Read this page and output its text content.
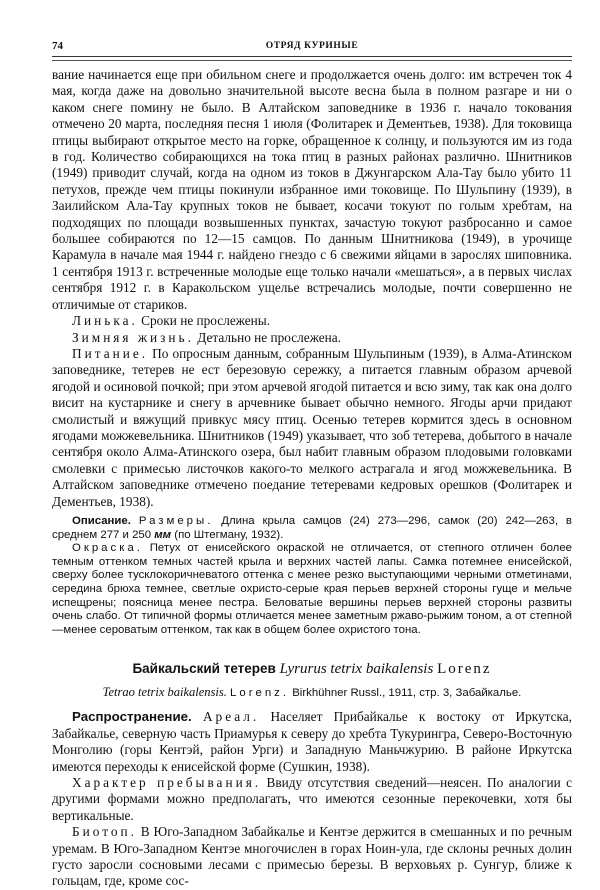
74	ОТРЯД КУРИНЫЕ

вание начинается еще при обильном снеге и продолжается очень долго: им встречен ток 4 мая, когда даже на довольно значительной высоте весна была в полном разгаре и ни о каком снеге помину не было. В Алтайском заповеднике в 1936 г. начало токования отмечено 20 марта, последняя песня 1 июля (Фолитарек и Дементьев, 1938). Для токовища птицы выбирают открытое место на горке, обращенное к солнцу, и пользуются им из года в год. Количество собирающихся на тока птиц в разных районах различно. Шнитников (1949) приводит случай, когда на одном из токов в Джунгарском Ала-Тау было убито 11 петухов, прежде чем птицы покинули избранное ими токовище. По Шульпину (1939), в Заилийском Ала-Тау крупных токов не бывает, косачи токуют по голым хребтам, на подходящих по площади возвышенных пунктах, зачастую токуют разбросанно и самое большее собираются по 12—15 самцов. По данным Шнитникова (1949), в урочище Карамула в начале мая 1944 г. найдено гнездо с 6 свежими яйцами в зарослях шиповника. 1 сентября 1913 г. встреченные молодые еще только начали «мешаться», а в первых числах сентября 1912 г. в Каракольском ущелье встречались молодые, почти совершенно не отличимые от стариков.

Линька. Сроки не прослежены.

Зимняя жизнь. Детально не прослежена.

Питание. По опросным данным, собранным Шульпиным (1939), в Алма-Атинском заповеднике, тетерев не ест березовую сережку, а питается главным образом арчевой ягодой и осиновой почкой; при этом арчевой ягодой питается и всю зиму, так как она долго висит на кустарнике и снегу в арчевнике бывает обычно немного. Ягоды арчи придают смолистый и вяжущий привкус мясу птиц. Осенью тетерев кормится здесь в основном ягодами можжевельника. Шнитников (1949) указывает, что зоб тетерева, добытого в начале сентября около Алма-Атинского озера, был набит главным образом плодовыми головками смолевки с примесью листочков какого-то мелкого астрагала и ягод можжевельника. В Алтайском заповеднике отмечено поедание тетеревами кедровых орешков (Фолитарек и Дементьев, 1938).

Описание. Размеры. Длина крыла самцов (24) 273—296, самок (20) 242—263, в среднем 277 и 250 мм (по Штегману, 1932).

Окраска. Петух от енисейского окраской не отличается, от степного отличен более темным оттенком темных частей крыла и верхних частей лапы. Самка потемнее енисейской, сверху более тусклокоричневатого оттенка с менее резко выступающими черными отметинами, середина брюха темнее, светлые охристо-серые края перьев верхней стороны гуще и мельче испещрены; поясница менее пестра. Беловатые вершины перьев верхней стороны развиты очень слабо. От типичной формы отличается менее заметным ржаво-рыжим тоном, а от степной—менее сероватым оттенком, так как в общем более охристого тона.

Байкальский тетерев Lyrurus tetrix baikalensis Lorenz
Tetrao tetrix baikalensis. Lorenz. Birkhühner Russl., 1911, стр. 3, Забайкалье.

Распространение. Ареал. Населяет Прибайкалье к востоку от Иркутска, Забайкалье, северную часть Приамурья к северу до хребта Тукурингра, Северо-Восточную Монголию (горы Кентэй, район Урги) и Западную Маньчжурию. В районе Иркутска имеются переходы к енисейской форме (Сушкин, 1938).

Характер пребывания. Ввиду отсутствия сведений—неясен. По аналогии с другими формами можно предполагать, что имеются сезонные перекочевки, хотя бы вертикальные.

Биотоп. В Юго-Западном Забайкалье и Кентэе держится в смешанных и по речным уремам. В Юго-Западном Кентэе многочислен в горах Ноин-ула, где склоны речных долин густо заросли сосновыми лесами с примесью березы. В верховьях р. Сунгур, ближе к гольцам, где, кроме сос-
